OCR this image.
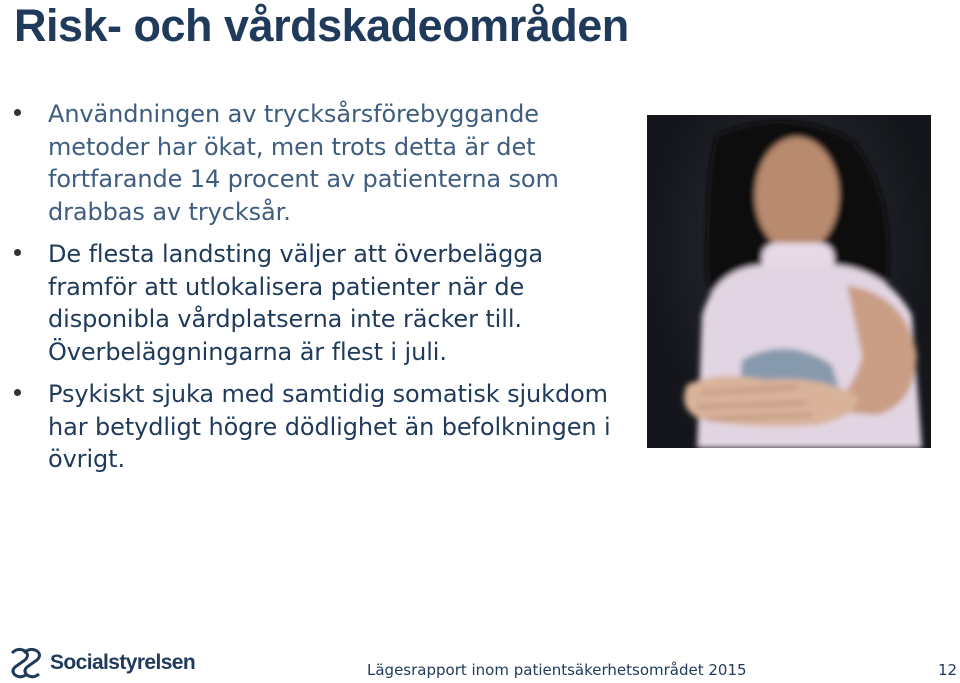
Risk- och vårdskadeområden
Användningen av trycksårsförebyggande metoder har ökat, men trots detta är det fortfarande 14 procent av patienterna som drabbas av trycksår.
De flesta landsting väljer att överbelägga framför att utlokalisera patienter när de disponibla vårdplatserna inte räcker till. Överbeläggningarna är flest i juli.
Psykiskt sjuka med samtidig somatisk sjukdom har betydligt högre dödlighet än befolkningen i övrigt.
Socialstyrelsen	Lägesrapport inom patientsäkerhetsområdet 2015	12
